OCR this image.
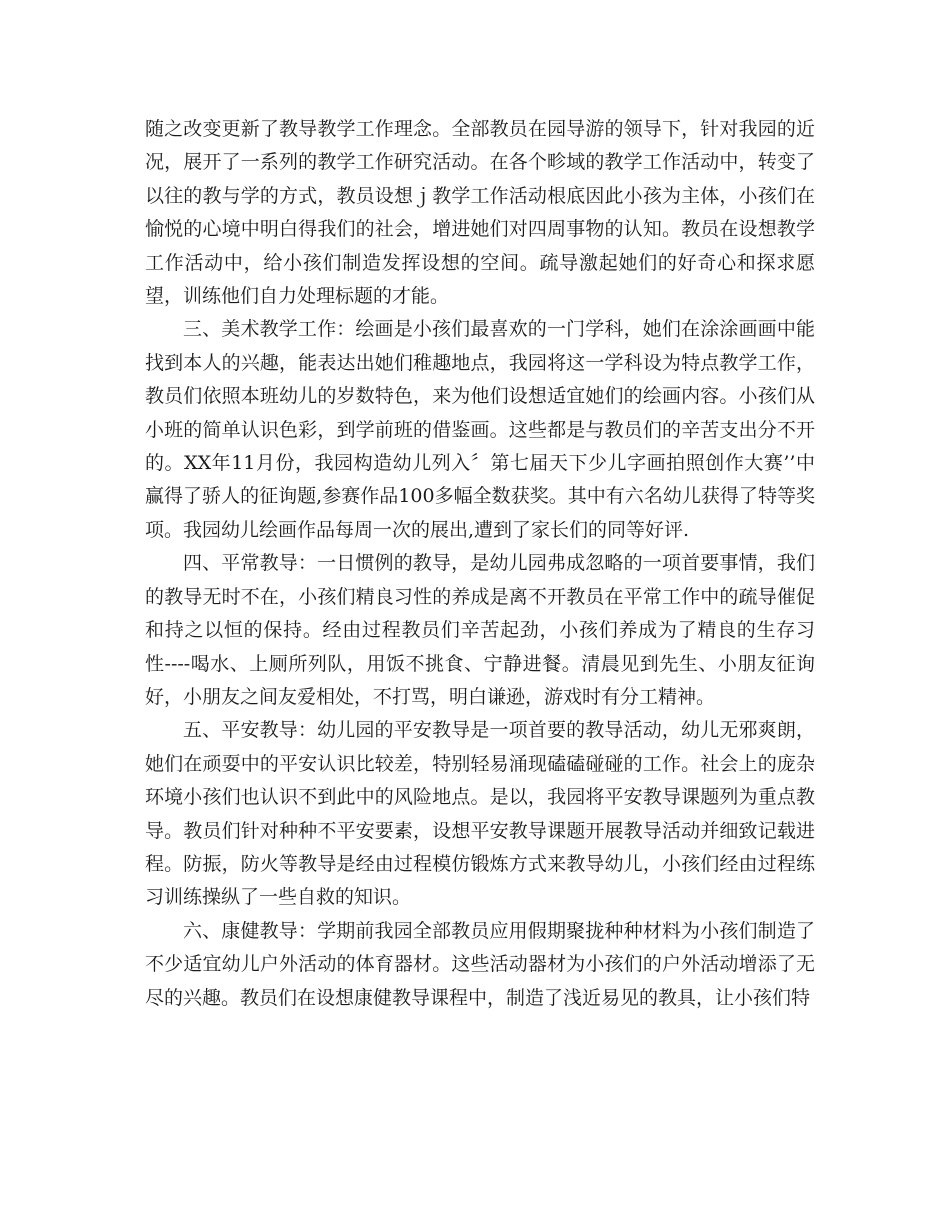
随之改变更新了教导教学工作理念。全部教员在园导游的领导下，针对我园的近况，展开了一系列的教学工作研究活动。在各个畛域的教学工作活动中，转变了以往的教与学的方式，教员设想ｊ教学工作活动根底因此小孩为主体，小孩们在愉悦的心境中明白得我们的社会，增进她们对四周事物的认知。教员在设想教学工作活动中，给小孩们制造发挥设想的空间。疏导激起她们的好奇心和探求愿望，训练他们自力处理标题的才能。

三、美术教学工作：绘画是小孩们最喜欢的一门学科，她们在涂涂画画中能找到本人的兴趣，能表达出她们稚趣地点，我园将这一学科设为特点教学工作，教员们依照本班幼儿的岁数特色，来为他们设想适宜她们的绘画内容。小孩们从小班的简单认识色彩，到学前班的借鉴画。这些都是与教员们的辛苦支出分不开的。XX年11月份，我园构造幼儿列入〞第七届天下少儿字画拍照创作大赛’’中赢得了骄人的征询题,参赛作品100多幅全数获奖。其中有六名幼儿获得了特等奖项。我园幼儿绘画作品每周一次的展出,遭到了家长们的同等好评.

四、平常教导：一日惯例的教导，是幼儿园弗成忽略的一项首要事情，我们的教导无时不在，小孩们精良习性的养成是离不开教员在平常工作中的疏导催促和持之以恒的保持。经由过程教员们辛苦起劲，小孩们养成为了精良的生存习性----喝水、上厕所列队，用饭不挑食、宁静进餐。清晨见到先生、小朋友征询好，小朋友之间友爱相处，不打骂，明白谦逊，游戏时有分工精神。

五、平安教导：幼儿园的平安教导是一项首要的教导活动，幼儿无邪爽朗，她们在顽耍中的平安认识比较差，特别轻易涌现磕磕碰碰的工作。社会上的庞杂环境小孩们也认识不到此中的风险地点。是以，我园将平安教导课题列为重点教导。教员们针对种种不平安要素，设想平安教导课题开展教导活动并细致记载进程。防振，防火等教导是经由过程模仿锻炼方式来教导幼儿，小孩们经由过程练习训练操纵了一些自救的知识。

六、康健教导：学期前我园全部教员应用假期聚拢种种材料为小孩们制造了不少适宜幼儿户外活动的体育器材。这些活动器材为小孩们的户外活动增添了无尽的兴趣。教员们在设想康健教导课程中，制造了浅近易见的教具，让小孩们特
